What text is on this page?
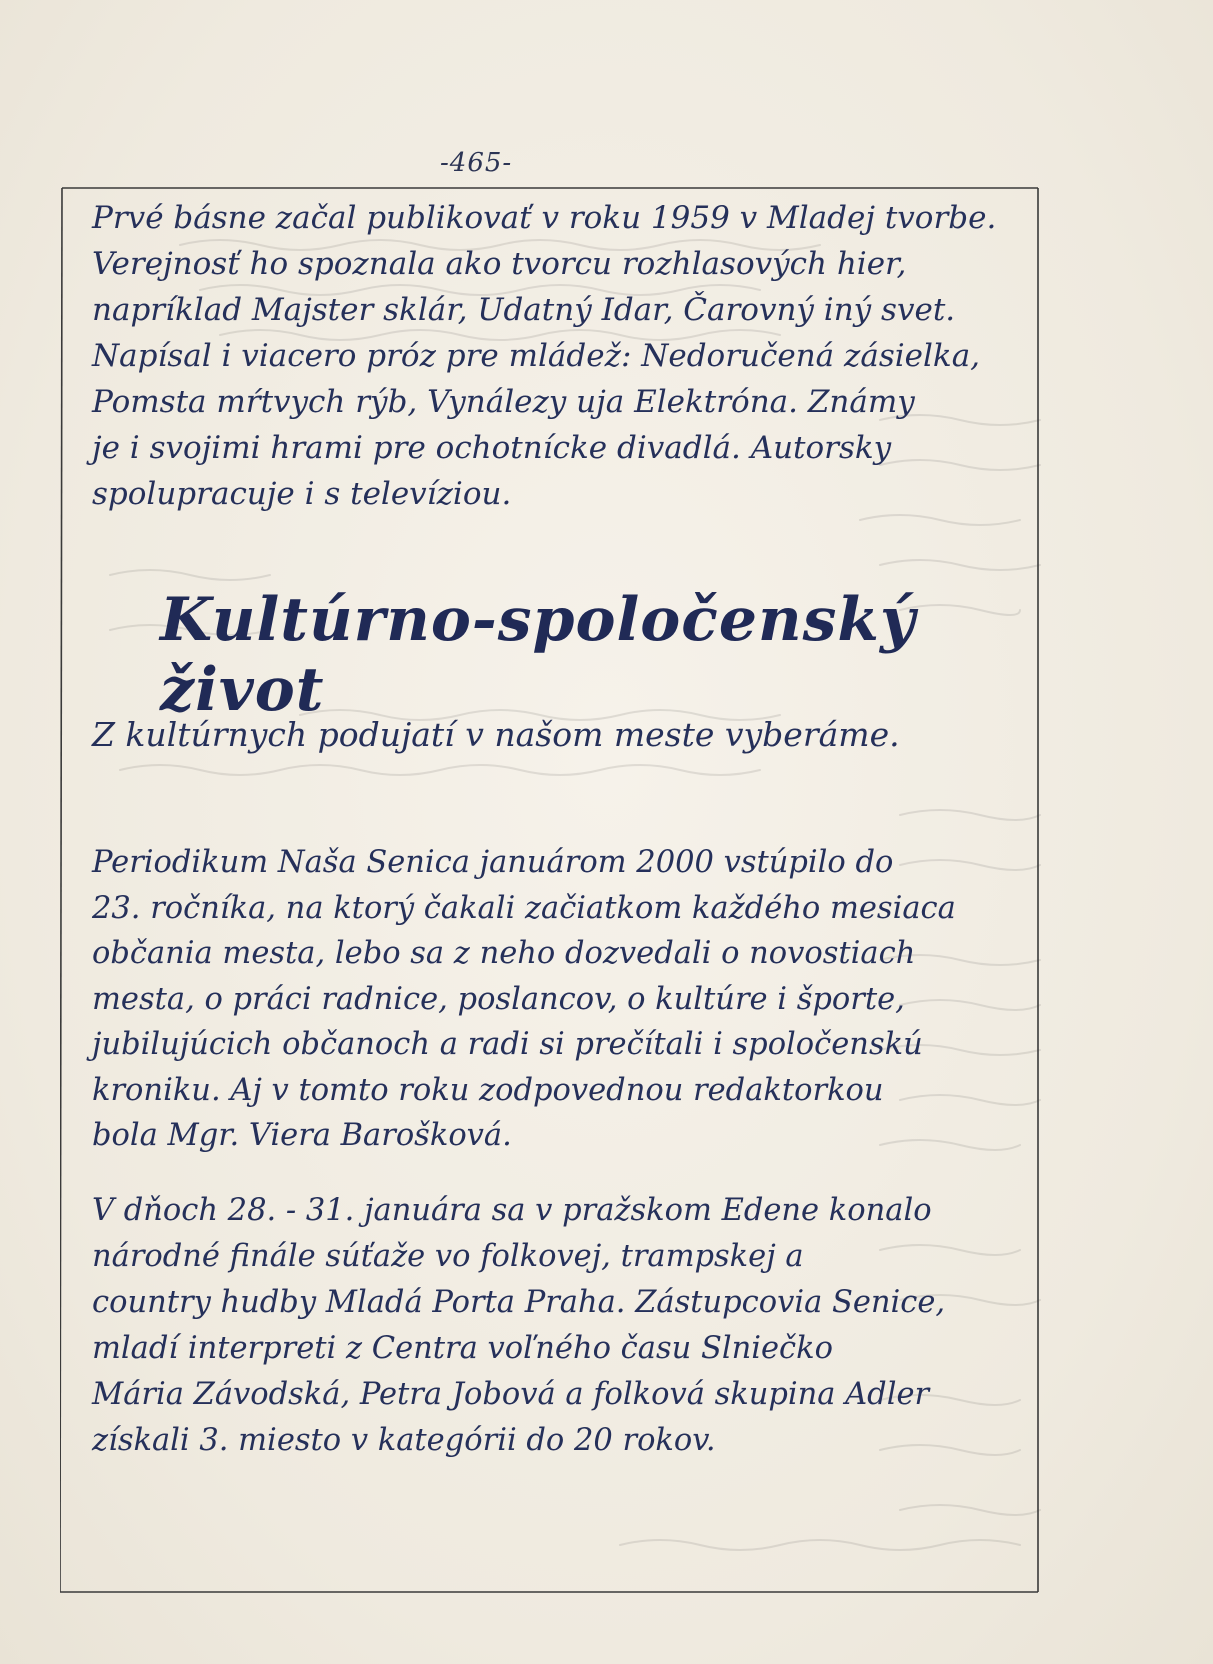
-465-

Prvé básne začal publikovať v roku 1959 v Mladej tvorbe. Verejnosť ho spoznala ako tvorcu rozhlasových hier,
napríklad Majster sklár, Udatný Idar, Čarovný iný svet.
Napísal i viacero próz pre mládež: Nedoručená zásielka,
Pomsta mŕtvych rýb, Vynálezy uja Elektróna. Známy
je i svojimi hrami pre ochotnícke divadlá. Autorsky
spolupracuje i s televíziou.

Kultúrno-spoločenský život

Z kultúrnych podujatí v našom meste vyberáme.

Periodikum Naša Senica januárom 2000 vstúpilo do
23. ročníka, na ktorý čakali začiatkom každého mesiaca
občania mesta, lebo sa z neho dozvedali o novostiach
mesta, o práci radnice, poslancov, o kultúre i športe,
jubilujúcich občanoch a radi si prečítali i spoločenskú
kroniku. Aj v tomto roku zodpovednou redaktorkou
bola Mgr. Viera Barošková.

V dňoch 28. - 31. januára sa v pražskom Edene konalo národné finále súťaže vo folkovej, trampskej a
country hudby Mladá Porta Praha. Zástupcovia Senice, mladí interpreti z Centra voľného času Slniečko
Mária Závodská, Petra Jobová a folková skupina Adler
získali 3. miesto v kategórii do 20 rokov.
